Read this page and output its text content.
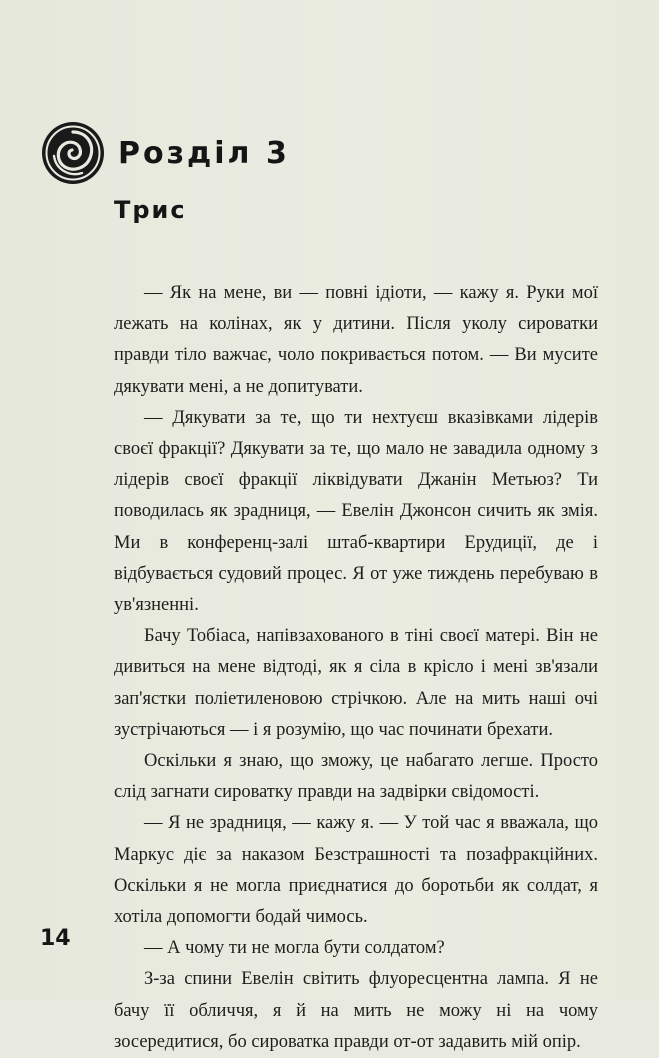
Розділ 3
Трис

— Як на мене, ви — повні ідіоти, — кажу я. Руки мої лежать на колінах, як у дитини. Після уколу сироватки правди тіло важчає, чоло покривається потом. — Ви мусите дякувати мені, а не допитувати.

— Дякувати за те, що ти нехтуєш вказівками лідерів своєї фракції? Дякувати за те, що мало не завадила одному з лідерів своєї фракції ліквідувати Джанін Метьюз? Ти поводилась як зрадниця, — Евелін Джонсон сичить як змія. Ми в конференц-залі штаб-квартири Ерудиції, де і відбувається судовий процес. Я от уже тиждень перебуваю в ув'язненні.

Бачу Тобіаса, напівзахованого в тіні своєї матері. Він не дивиться на мене відтоді, як я сіла в крісло і мені зв'язали зап'ястки поліетиленовою стрічкою. Але на мить наші очі зустрічаються — і я розумію, що час починати брехати.

Оскільки я знаю, що зможу, це набагато легше. Просто слід загнати сироватку правди на задвірки свідомості.

— Я не зрадниця, — кажу я. — У той час я вважала, що Маркус діє за наказом Безстрашності та позафракційних. Оскільки я не могла приєднатися до боротьби як солдат, я хотіла допомогти бодай чимось.

— А чому ти не могла бути солдатом?

З-за спини Евелін світить флуоресцентна лампа. Я не бачу її обличчя, я й на мить не можу ні на чому зосередитися, бо сироватка правди от-от задавить мій опір.

14
